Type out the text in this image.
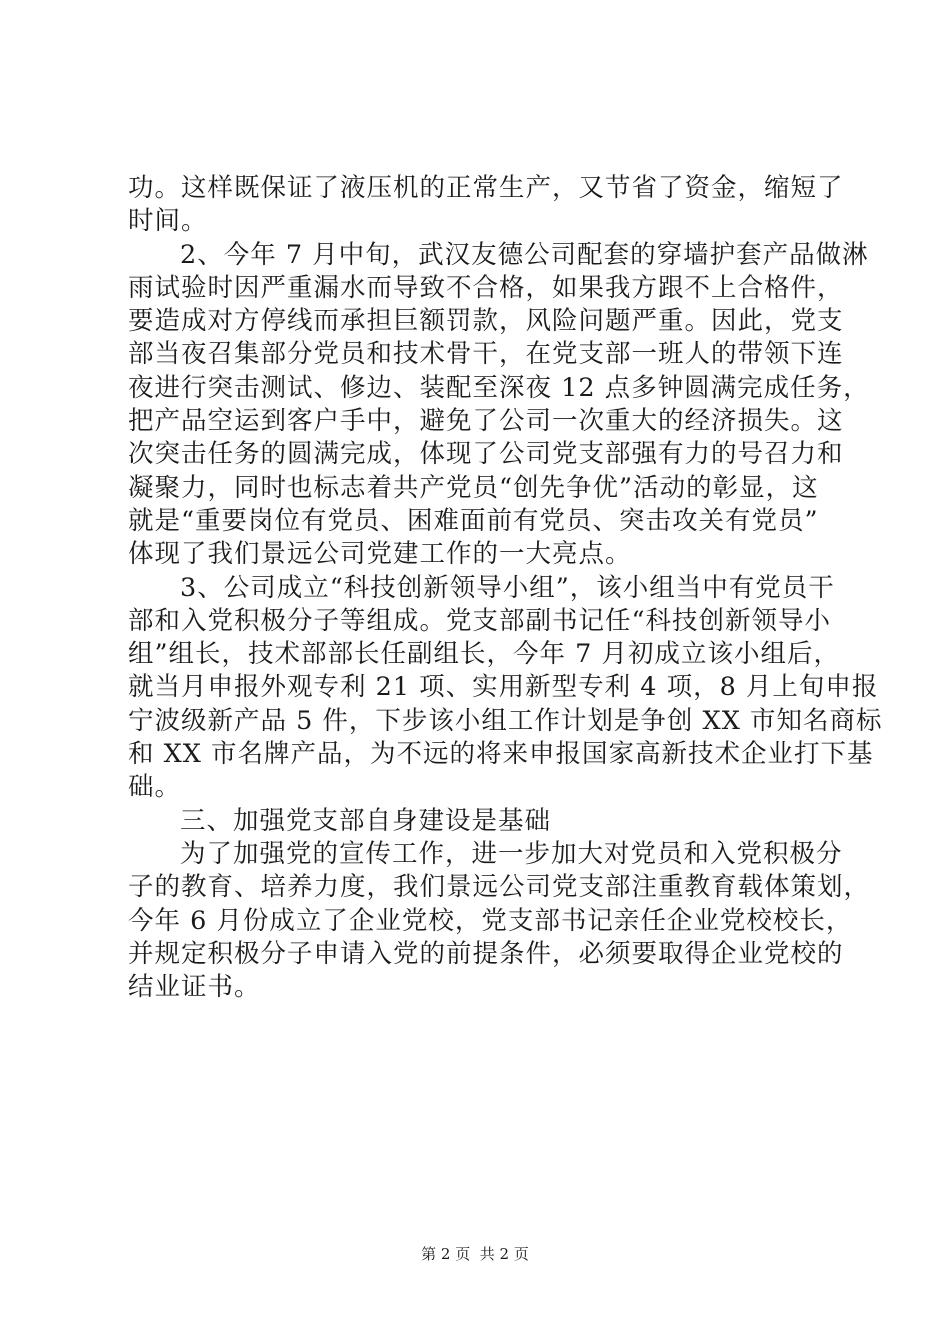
功。这样既保证了液压机的正常生产，又节省了资金，缩短了
时间。
2、今年 7 月中旬，武汉友德公司配套的穿墙护套产品做淋
雨试验时因严重漏水而导致不合格，如果我方跟不上合格件，
要造成对方停线而承担巨额罚款，风险问题严重。因此，党支
部当夜召集部分党员和技术骨干，在党支部一班人的带领下连
夜进行突击测试、修边、装配至深夜 12 点多钟圆满完成任务，
把产品空运到客户手中，避免了公司一次重大的经济损失。这
次突击任务的圆满完成，体现了公司党支部强有力的号召力和
凝聚力，同时也标志着共产党员“创先争优”活动的彰显，这
就是“重要岗位有党员、困难面前有党员、突击攻关有党员”
体现了我们景远公司党建工作的一大亮点。
3、公司成立“科技创新领导小组”，该小组当中有党员干
部和入党积极分子等组成。党支部副书记任“科技创新领导小
组”组长，技术部部长任副组长，今年 7 月初成立该小组后，
就当月申报外观专利 21 项、实用新型专利 4 项，8 月上旬申报
宁波级新产品 5 件，下步该小组工作计划是争创 XX 市知名商标
和 XX 市名牌产品，为不远的将来申报国家高新技术企业打下基
础。
三、加强党支部自身建设是基础
为了加强党的宣传工作，进一步加大对党员和入党积极分
子的教育、培养力度，我们景远公司党支部注重教育载体策划，
今年 6 月份成立了企业党校，党支部书记亲任企业党校校长，
并规定积极分子申请入党的前提条件，必须要取得企业党校的
结业证书。
第 2 页  共 2 页
